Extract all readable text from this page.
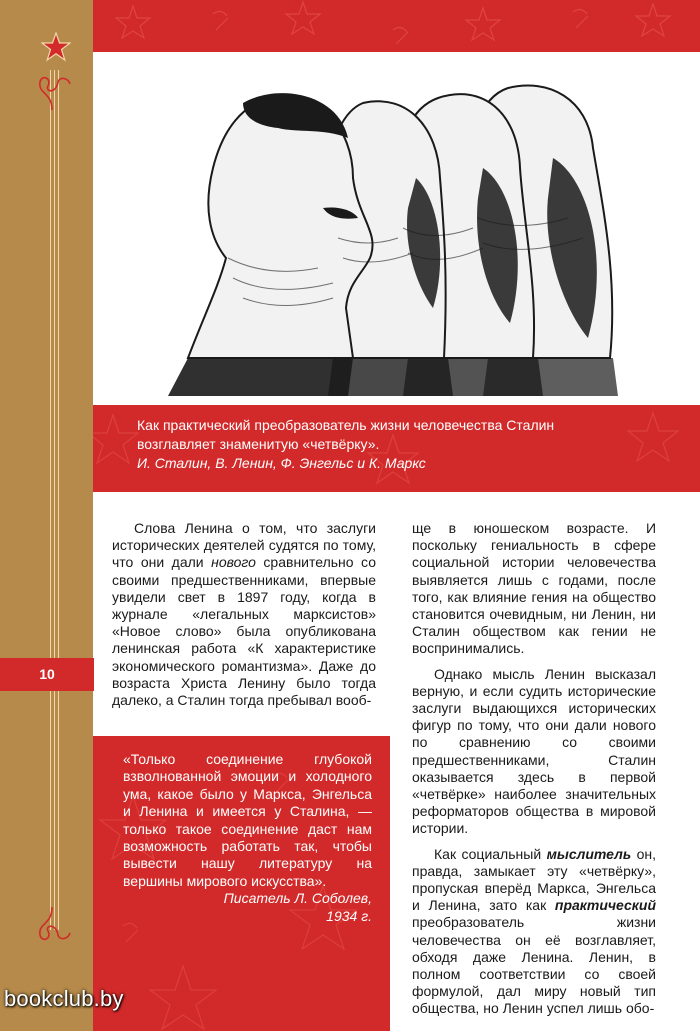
Как практический преобразователь жизни человечества Сталин
возглавляет знаменитую «четвёрку».
И. Сталин, В. Ленин, Ф. Энгельс и К. Маркс
10

Слова Ленина о том, что заслуги исторических деятелей судятся по тому, что они дали нового сравнительно со своими предшественниками, впервые увидели свет в 1897 году, когда в журнале «легальных марксистов» «Новое слово» была опубликована ленинская работа «К характеристике экономического романтизма». Даже до возраста Христа Ленину было тогда далеко, а Сталин тогда пребывал вооб-

«Только соединение глубокой взволнованной эмоции и холодного ума, какое было у Маркса, Энгельса и Ленина и имеется у Сталина, — только такое соединение даст нам возможность работать так, чтобы вывести нашу литературу на вершины мирового искусства».
Писатель Л. Соболев,
1934 г.

ще в юношеском возрасте. И поскольку гениальность в сфере социальной истории человечества выявляется лишь с годами, после того, как влияние гения на общество становится очевидным, ни Ленин, ни Сталин обществом как гении не воспринимались.

Однако мысль Ленин высказал верную, и если судить исторические заслуги выдающихся исторических фигур по тому, что они дали нового по сравнению со своими предшественниками, Сталин оказывается здесь в первой «четвёрке» наиболее значительных реформаторов общества в мировой истории.

Как социальный мыслитель он, правда, замыкает эту «четвёрку», пропуская вперёд Маркса, Энгельса и Ленина, зато как практический преобразователь жизни человечества он её возглавляет, обходя даже Ленина. Ленин, в полном соответствии со своей формулой, дал миру новый тип общества, но Ленин успел лишь обо-

bookclub.by
